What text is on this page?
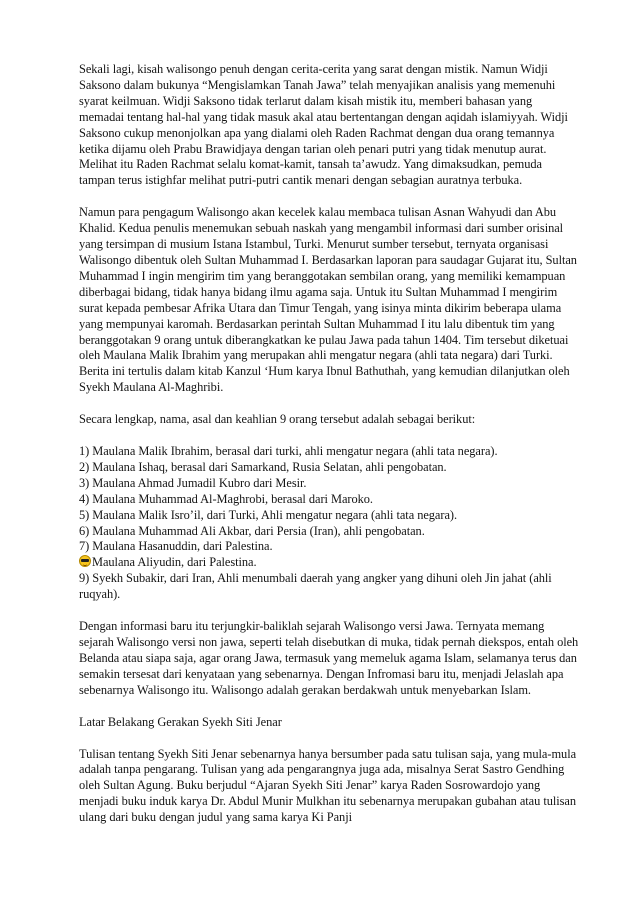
Sekali lagi, kisah walisongo penuh dengan cerita-cerita yang sarat dengan mistik. Namun Widji Saksono dalam bukunya “Mengislamkan Tanah Jawa” telah menyajikan analisis yang memenuhi syarat keilmuan. Widji Saksono tidak terlarut dalam kisah mistik itu, memberi bahasan yang memadai tentang hal-hal yang tidak masuk akal atau bertentangan dengan aqidah islamiyyah. Widji Saksono cukup menonjolkan apa yang dialami oleh Raden Rachmat dengan dua orang temannya ketika dijamu oleh Prabu Brawidjaya dengan tarian oleh penari putri yang tidak menutup aurat. Melihat itu Raden Rachmat selalu komat-kamit, tansah ta’awudz. Yang dimaksudkan, pemuda tampan terus istighfar melihat putri-putri cantik menari dengan sebagian auratnya terbuka.

Namun para pengagum Walisongo akan kecelek kalau membaca tulisan Asnan Wahyudi dan Abu Khalid. Kedua penulis menemukan sebuah naskah yang mengambil informasi dari sumber orisinal yang tersimpan di musium Istana Istambul, Turki. Menurut sumber tersebut, ternyata organisasi Walisongo dibentuk oleh Sultan Muhammad I. Berdasarkan laporan para saudagar Gujarat itu, Sultan Muhammad I ingin mengirim tim yang beranggotakan sembilan orang, yang memiliki kemampuan diberbagai bidang, tidak hanya bidang ilmu agama saja. Untuk itu Sultan Muhammad I mengirim surat kepada pembesar Afrika Utara dan Timur Tengah, yang isinya minta dikirim beberapa ulama yang mempunyai karomah. Berdasarkan perintah Sultan Muhammad I itu lalu dibentuk tim yang beranggotakan 9 orang untuk diberangkatkan ke pulau Jawa pada tahun 1404. Tim tersebut diketuai oleh Maulana Malik Ibrahim yang merupakan ahli mengatur negara (ahli tata negara) dari Turki. Berita ini tertulis dalam kitab Kanzul ‘Hum karya Ibnul Bathuthah, yang kemudian dilanjutkan oleh Syekh Maulana Al-Maghribi.

Secara lengkap, nama, asal dan keahlian 9 orang tersebut adalah sebagai berikut:

1) Maulana Malik Ibrahim, berasal dari turki, ahli mengatur negara (ahli tata negara).
2) Maulana Ishaq, berasal dari Samarkand, Rusia Selatan, ahli pengobatan.
3) Maulana Ahmad Jumadil Kubro dari Mesir.
4) Maulana Muhammad Al-Maghrobi, berasal dari Maroko.
5) Maulana Malik Isro’il, dari Turki, Ahli mengatur negara (ahli tata negara).
6) Maulana Muhammad Ali Akbar, dari Persia (Iran), ahli pengobatan.
7) Maulana Hasanuddin, dari Palestina.
Maulana Aliyudin, dari Palestina.
9) Syekh Subakir, dari Iran, Ahli menumbali daerah yang angker yang dihuni oleh Jin jahat (ahli ruqyah).

Dengan informasi baru itu terjungkir-baliklah sejarah Walisongo versi Jawa. Ternyata memang sejarah Walisongo versi non jawa, seperti telah disebutkan di muka, tidak pernah diekspos, entah oleh Belanda atau siapa saja, agar orang Jawa, termasuk yang memeluk agama Islam, selamanya terus dan semakin tersesat dari kenyataan yang sebenarnya. Dengan Infromasi baru itu, menjadi Jelaslah apa sebenarnya Walisongo itu. Walisongo adalah gerakan berdakwah untuk menyebarkan Islam.

Latar Belakang Gerakan Syekh Siti Jenar

Tulisan tentang Syekh Siti Jenar sebenarnya hanya bersumber pada satu tulisan saja, yang mula-mula adalah tanpa pengarang. Tulisan yang ada pengarangnya juga ada, misalnya Serat Sastro Gendhing oleh Sultan Agung. Buku berjudul “Ajaran Syekh Siti Jenar” karya Raden Sosrowardojo yang menjadi buku induk karya Dr. Abdul Munir Mulkhan itu sebenarnya merupakan gubahan atau tulisan ulang dari buku dengan judul yang sama karya Ki Panji
